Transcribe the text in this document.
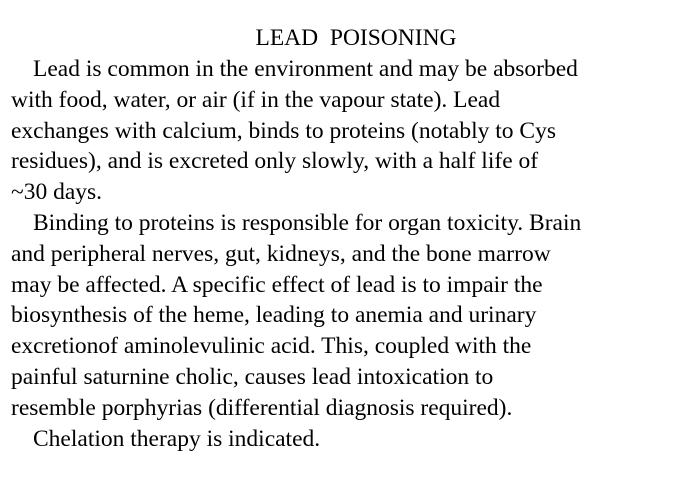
LEAD  POISONING
Lead is common in the environment and may be absorbed
with food, water, or air (if in the vapour state). Lead
exchanges with calcium, binds to proteins (notably to Cys
residues), and is excreted only slowly, with a half life of
~30 days.
Binding to proteins is responsible for organ toxicity. Brain
and peripheral nerves, gut, kidneys, and the bone marrow
may be affected. A specific effect of lead is to impair the
biosynthesis of the heme, leading to anemia and urinary
excretionof aminolevulinic acid. This, coupled with the
painful saturnine cholic, causes lead intoxication to
resemble porphyrias (differential diagnosis required).
Chelation therapy is indicated.
